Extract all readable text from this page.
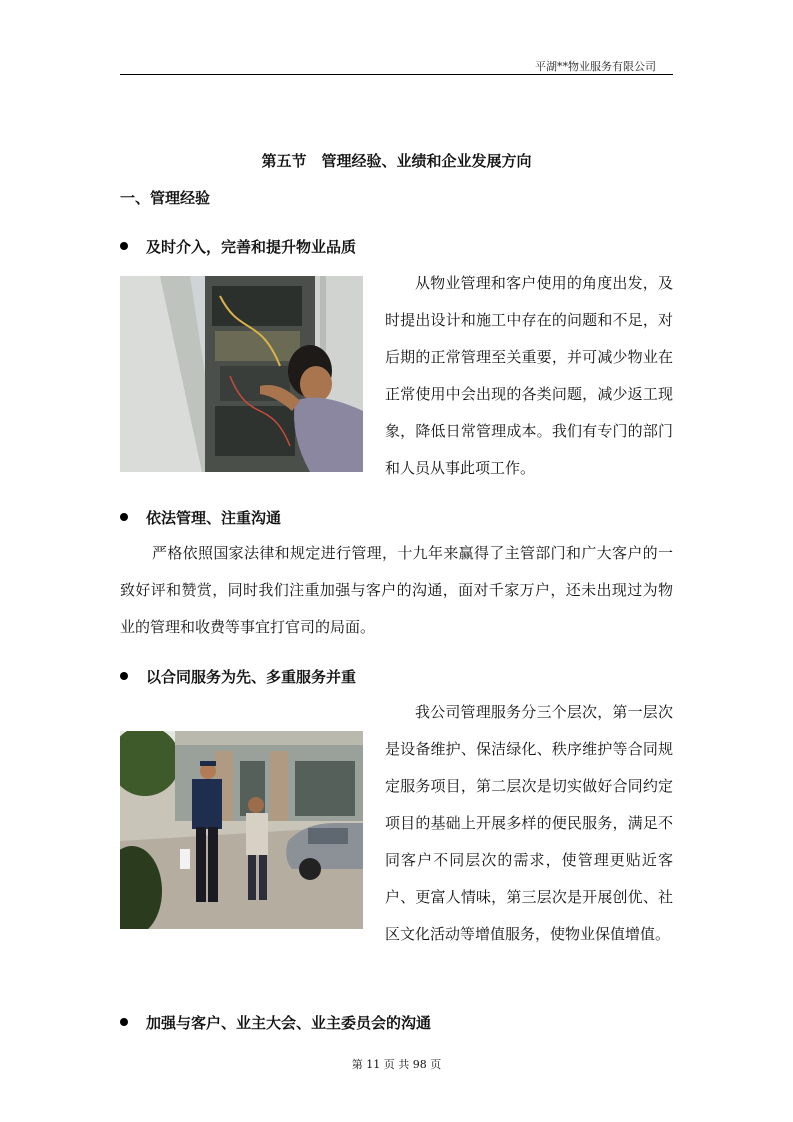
平湖**物业服务有限公司
第五节　管理经验、业绩和企业发展方向
一、管理经验
及时介入，完善和提升物业品质
从物业管理和客户使用的角度出发，及时提出设计和施工中存在的问题和不足，对后期的正常管理至关重要，并可减少物业在正常使用中会出现的各类问题，减少返工现象，降低日常管理成本。我们有专门的部门和人员从事此项工作。
依法管理、注重沟通
严格依照国家法律和规定进行管理，十九年来赢得了主管部门和广大客户的一致好评和赞赏，同时我们注重加强与客户的沟通，面对千家万户，还未出现过为物业的管理和收费等事宜打官司的局面。
以合同服务为先、多重服务并重
我公司管理服务分三个层次，第一层次是设备维护、保洁绿化、秩序维护等合同规定服务项目，第二层次是切实做好合同约定项目的基础上开展多样的便民服务，满足不同客户不同层次的需求，使管理更贴近客户、更富人情味，第三层次是开展创优、社区文化活动等增值服务，使物业保值增值。
加强与客户、业主大会、业主委员会的沟通
第 11 页 共 98 页
